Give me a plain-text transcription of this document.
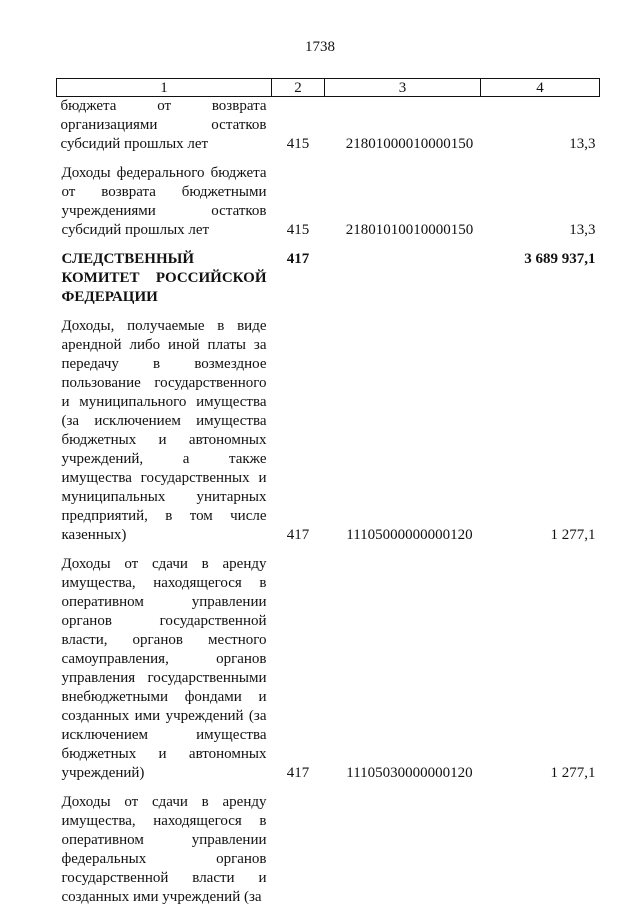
1738
1	2	3	4
бюджета от возврата организациями остатков субсидий прошлых лет	415	21801000010000150	13,3
Доходы федерального бюджета от возврата бюджетными учреждениями остатков субсидий прошлых лет	415	21801010010000150	13,3
СЛЕДСТВЕННЫЙ КОМИТЕТ РОССИЙСКОЙ ФЕДЕРАЦИИ	417		3 689 937,1
Доходы, получаемые в виде арендной либо иной платы за передачу в возмездное пользование государственного и муниципального имущества (за исключением имущества бюджетных и автономных учреждений, а также имущества государственных и муниципальных унитарных предприятий, в том числе казенных)	417	11105000000000120	1 277,1
Доходы от сдачи в аренду имущества, находящегося в оперативном управлении органов государственной власти, органов местного самоуправления, органов управления государственными внебюджетными фондами и созданных ими учреждений (за исключением имущества бюджетных и автономных учреждений)	417	11105030000000120	1 277,1
Доходы от сдачи в аренду имущества, находящегося в оперативном управлении федеральных органов государственной власти и созданных ими учреждений (за			
